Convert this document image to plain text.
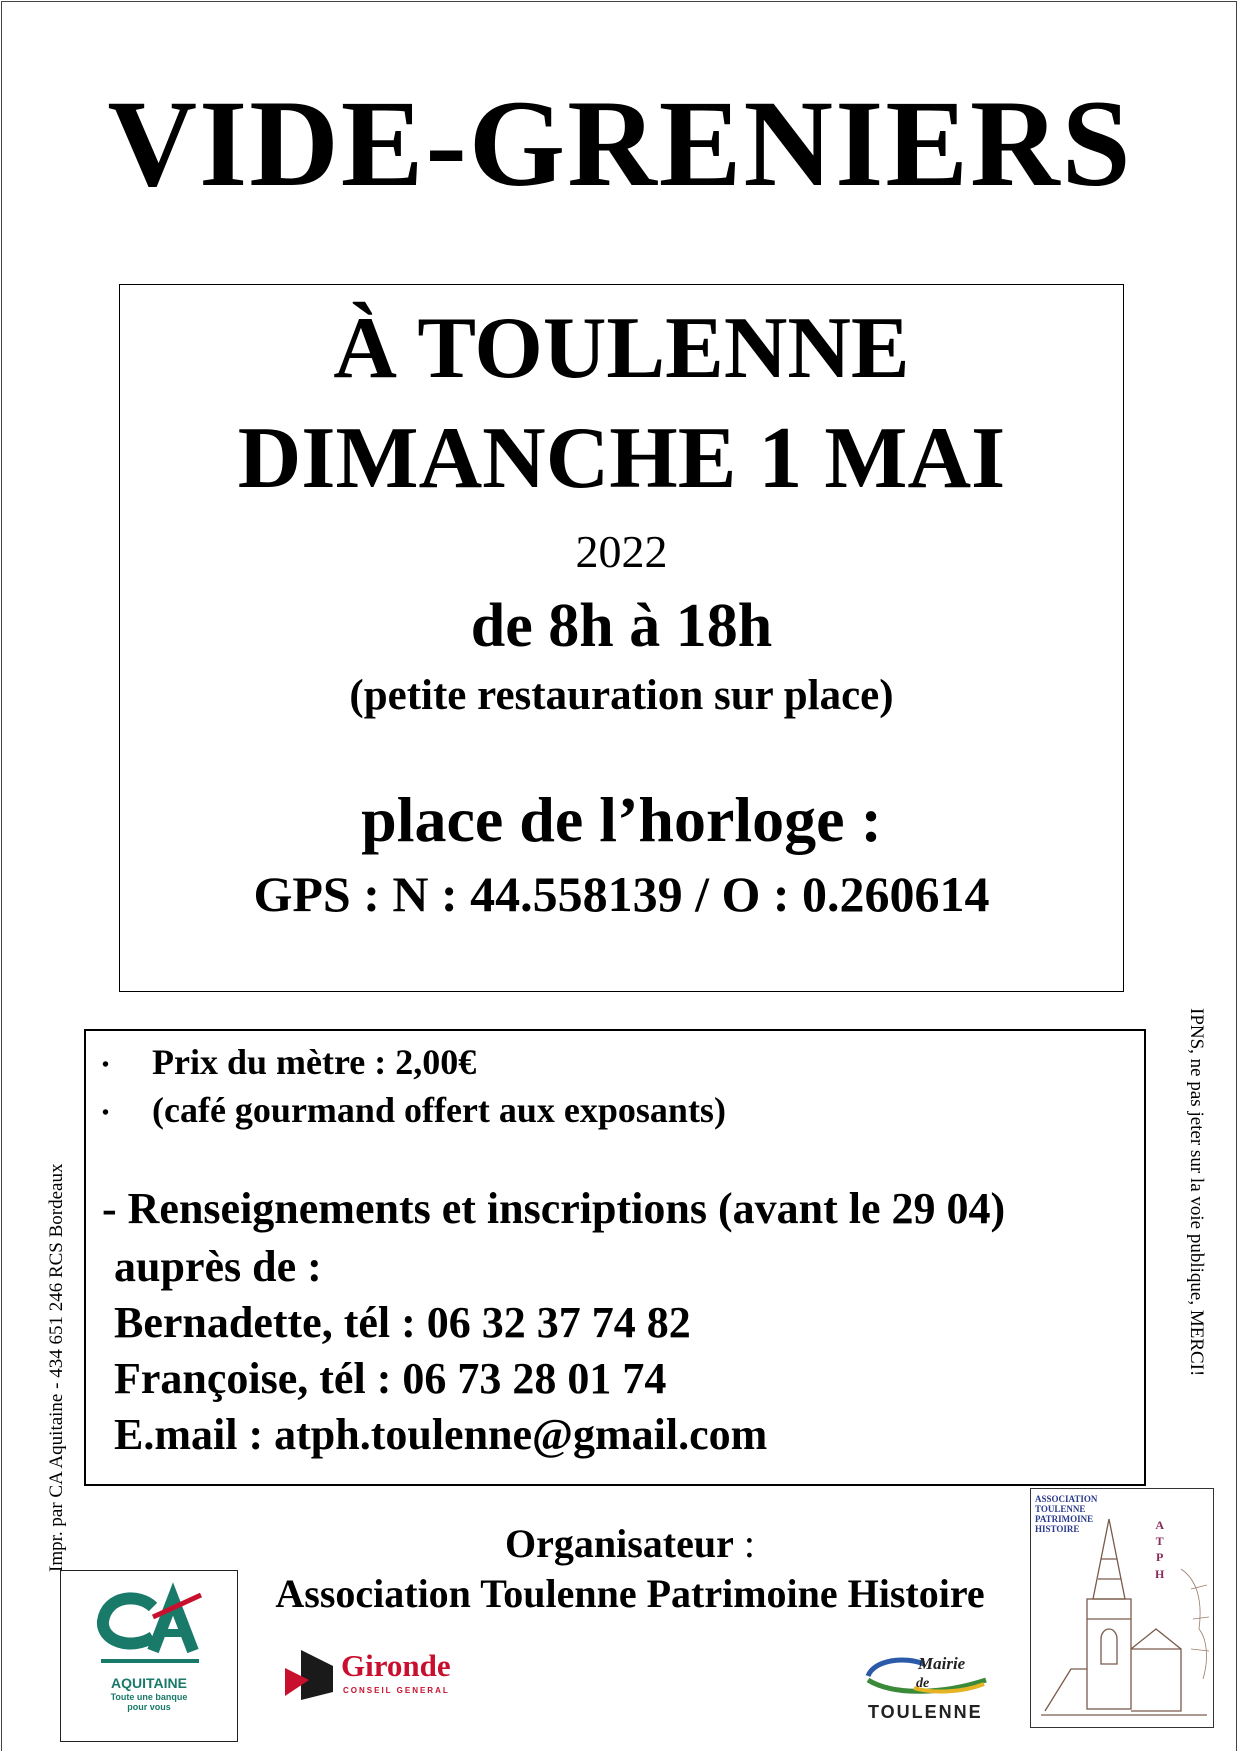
VIDE-GRENIERS
À TOULENNE
DIMANCHE 1 MAI
2022
de 8h à 18h
(petite restauration sur place)
place de l’horloge :
GPS : N : 44.558139 / O : 0.260614
• Prix du mètre : 2,00€
• (café gourmand offert aux exposants)
- Renseignements et inscriptions (avant le 29 04)
auprès de :
Bernadette, tél : 06 32 37 74 82
Françoise, tél : 06 73 28 01 74
E.mail : atph.toulenne@gmail.com
Impr. par CA Aquitaine - 434 651 246 RCS Bordeaux	IPNS, ne pas jeter sur la voie publique, MERCI!
Organisateur :
Association Toulenne Patrimoine Histoire
AQUITAINE
Toute une banque
pour vous
Gironde
CONSEIL GENERAL
Mairie
de
TOULENNE
ASSOCIATION
TOULENNE
PATRIMOINE
HISTOIRE	A
T
P
H
